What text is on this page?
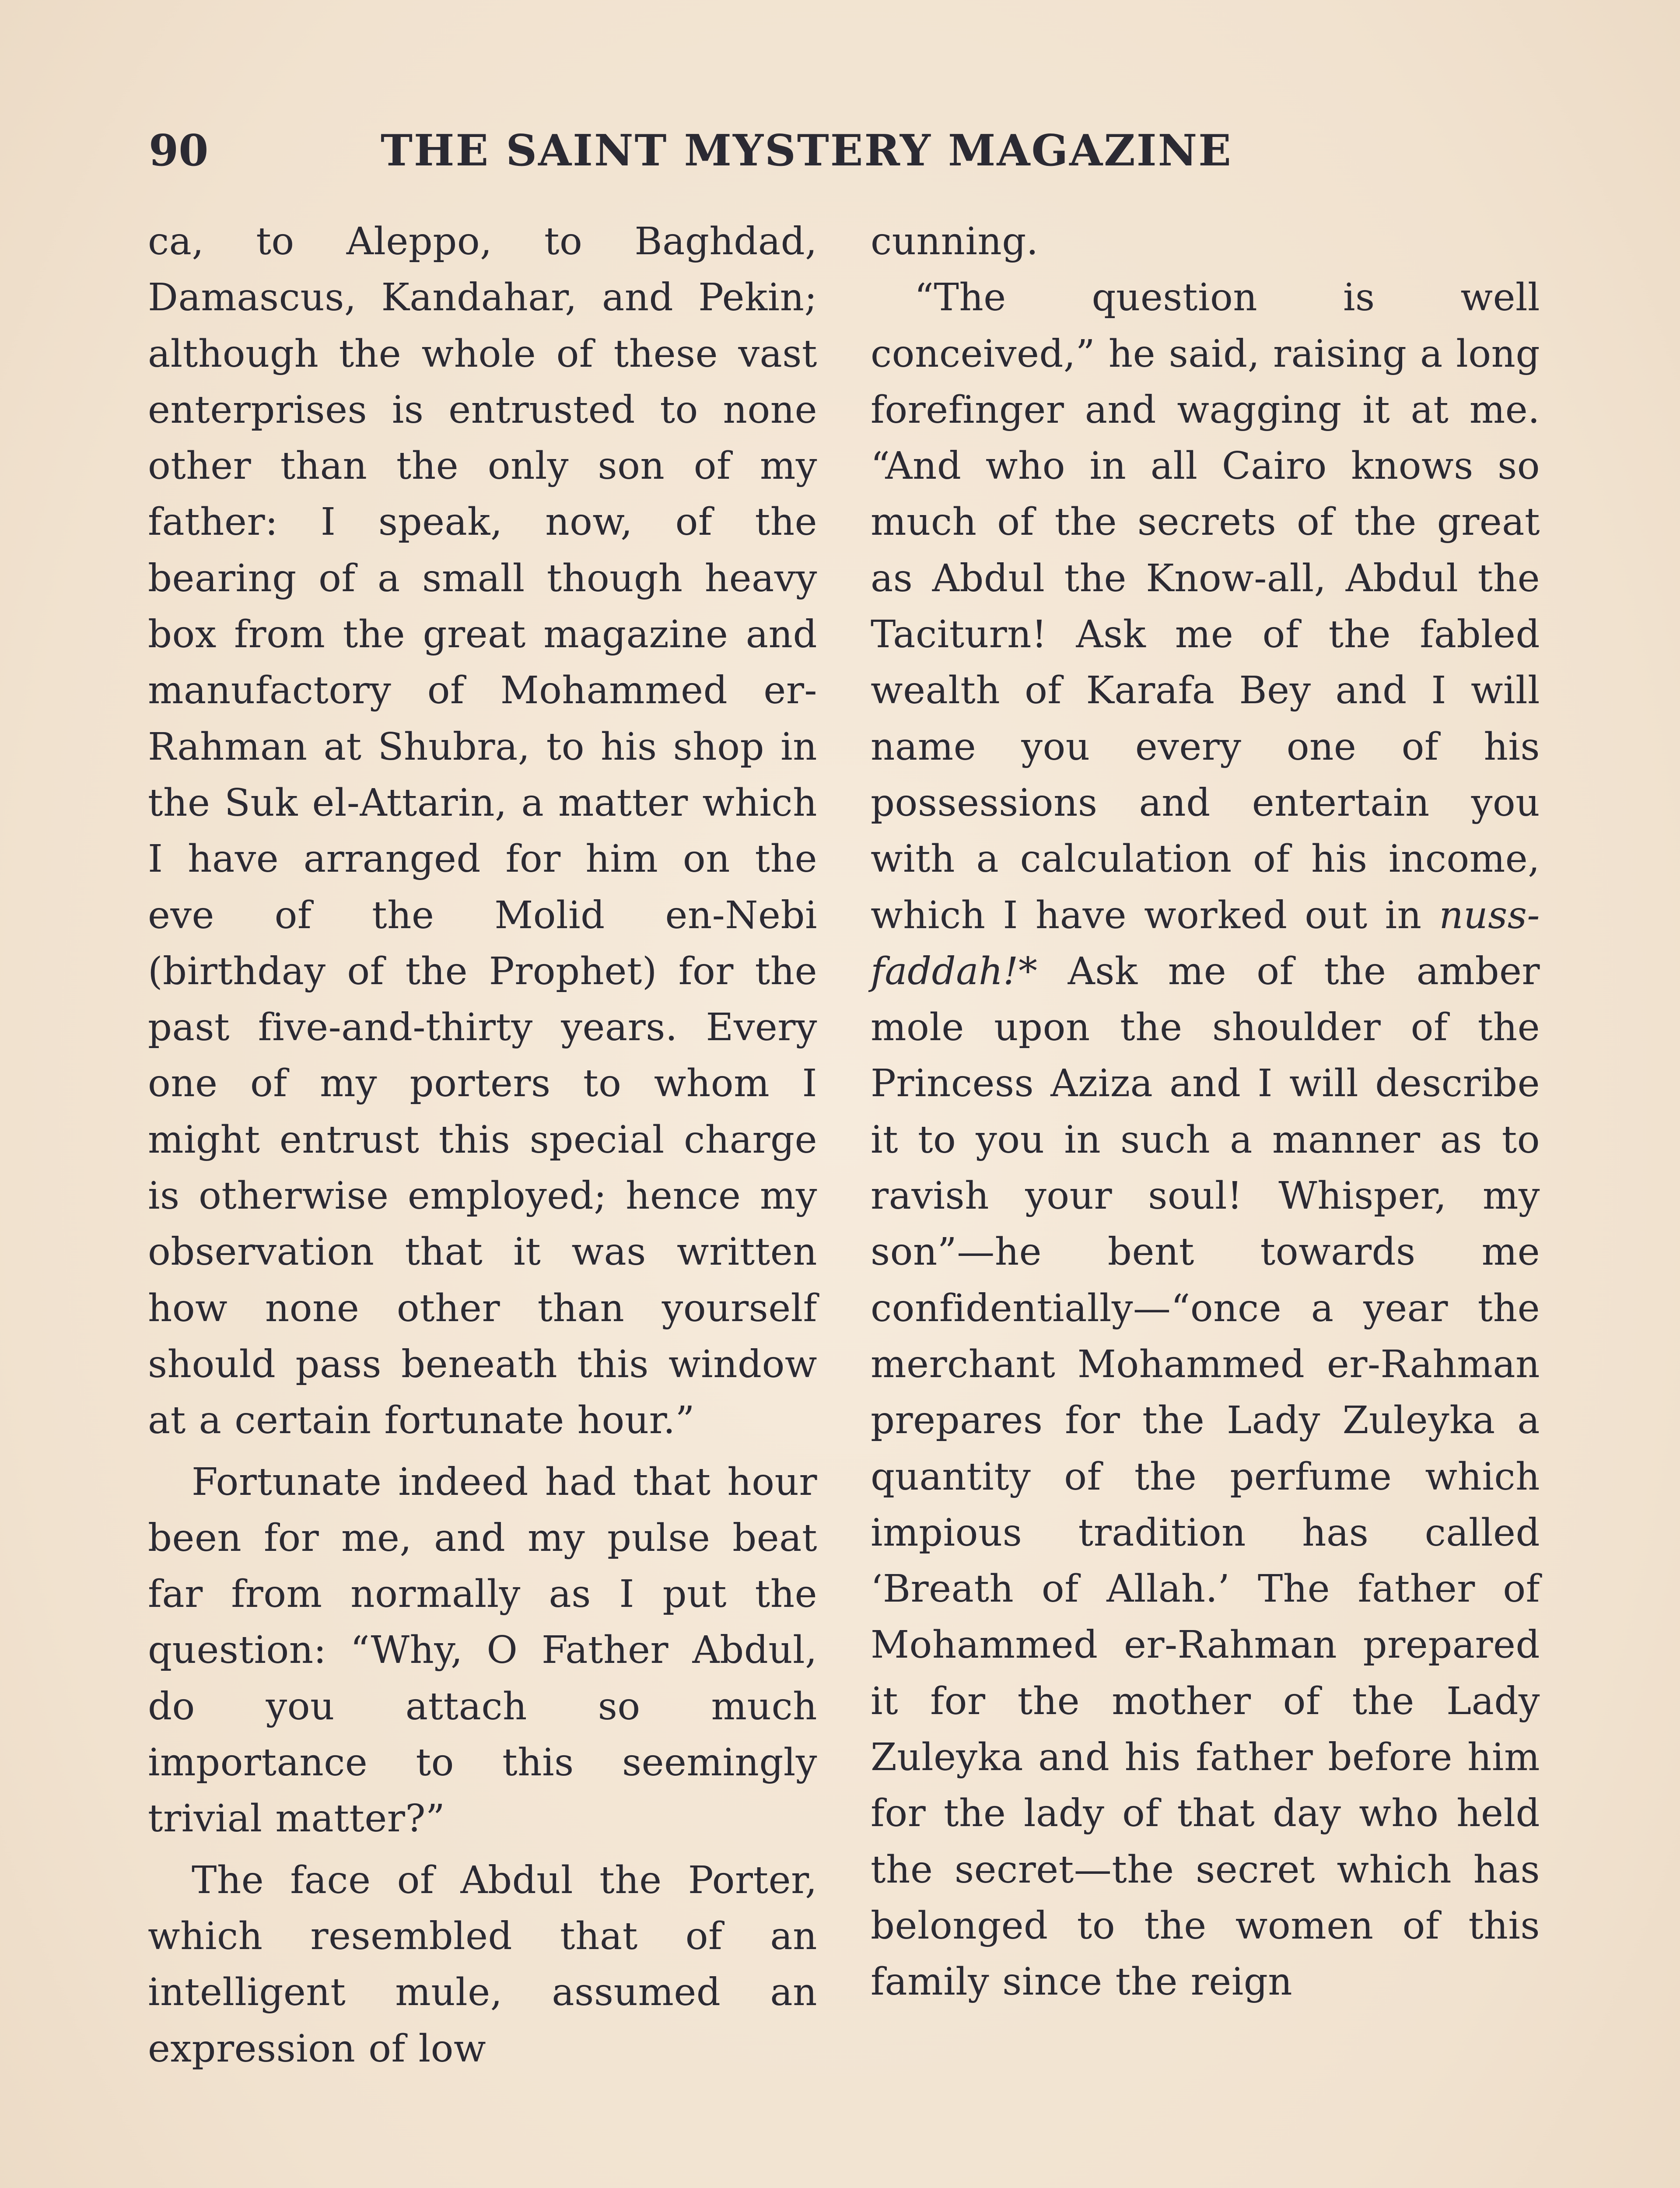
90	THE SAINT MYSTERY MAGAZINE

ca, to Aleppo, to Baghdad, Damascus, Kandahar, and Pekin; although the whole of these vast enterprises is entrusted to none other than the only son of my father: I speak, now, of the bearing of a small though heavy box from the great magazine and manufactory of Mohammed er-Rahman at Shubra, to his shop in the Suk el-Attarin, a matter which I have arranged for him on the eve of the Molid en-Nebi (birthday of the Prophet) for the past five-and-thirty years. Every one of my porters to whom I might entrust this special charge is otherwise employed; hence my observation that it was written how none other than yourself should pass beneath this window at a certain fortunate hour.”

Fortunate indeed had that hour been for me, and my pulse beat far from normally as I put the question: “Why, O Father Abdul, do you attach so much importance to this seemingly trivial matter?”

The face of Abdul the Porter, which resembled that of an intelligent mule, assumed an expression of low

cunning.

“The question is well conceived,” he said, raising a long forefinger and wagging it at me. “And who in all Cairo knows so much of the secrets of the great as Abdul the Know-all, Abdul the Taciturn! Ask me of the fabled wealth of Karafa Bey and I will name you every one of his possessions and entertain you with a calculation of his income, which I have worked out in nuss-faddah!* Ask me of the amber mole upon the shoulder of the Princess Aziza and I will describe it to you in such a manner as to ravish your soul! Whisper, my son”—he bent towards me confidentially—“once a year the merchant Mohammed er-Rahman prepares for the Lady Zuleyka a quantity of the perfume which impious tradition has called ‘Breath of Allah.’ The father of Mohammed er-Rahman prepared it for the mother of the Lady Zuleyka and his father before him for the lady of that day who held the secret—the secret which has belonged to the women of this family since the reign
